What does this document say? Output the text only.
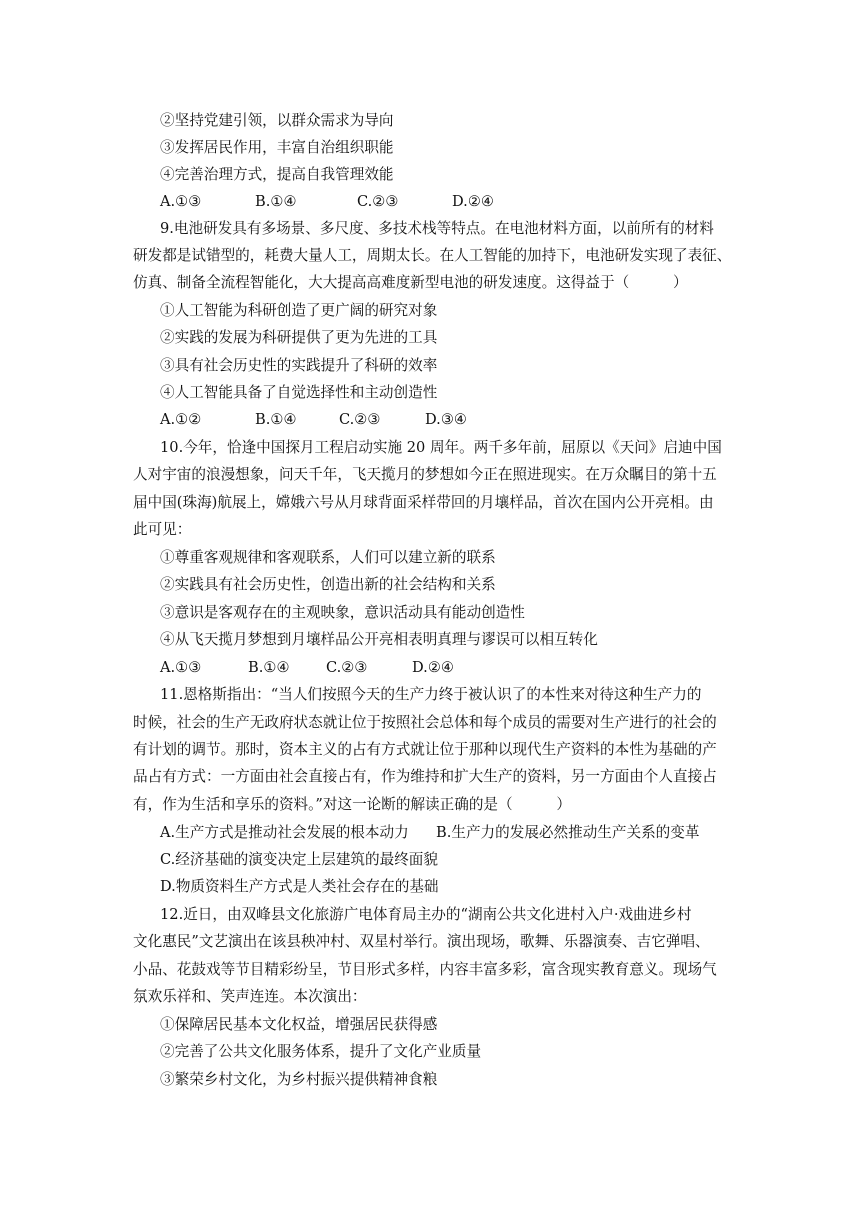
②坚持党建引领，以群众需求为导向
③发挥居民作用，丰富自治组织职能
④完善治理方式，提高自我管理效能
A.①③	B.①④	C.②③	D.②④
9.电池研发具有多场景、多尺度、多技术栈等特点。在电池材料方面，以前所有的材料
研发都是试错型的，耗费大量人工，周期太长。在人工智能的加持下，电池研发实现了表征、
仿真、制备全流程智能化，大大提高高难度新型电池的研发速度。这得益于（　　　）
①人工智能为科研创造了更广阔的研究对象
②实践的发展为科研提供了更为先进的工具
③具有社会历史性的实践提升了科研的效率
④人工智能具备了自觉选择性和主动创造性
A.①②	B.①④	C.②③	D.③④
10.今年，恰逢中国探月工程启动实施 20 周年。两千多年前，屈原以《天问》启迪中国
人对宇宙的浪漫想象，问天千年，飞天揽月的梦想如今正在照进现实。在万众瞩目的第十五
届中国(珠海)航展上，嫦娥六号从月球背面采样带回的月壤样品，首次在国内公开亮相。由
此可见：
①尊重客观规律和客观联系，人们可以建立新的联系
②实践具有社会历史性，创造出新的社会结构和关系
③意识是客观存在的主观映象，意识活动具有能动创造性
④从飞天揽月梦想到月壤样品公开亮相表明真理与谬误可以相互转化
A.①③	B.①④ C.②③	D.②④
11.恩格斯指出：“当人们按照今天的生产力终于被认识了的本性来对待这种生产力的
时候，社会的生产无政府状态就让位于按照社会总体和每个成员的需要对生产进行的社会的
有计划的调节。那时，资本主义的占有方式就让位于那种以现代生产资料的本性为基础的产
品占有方式：一方面由社会直接占有，作为维持和扩大生产的资料，另一方面由个人直接占
有，作为生活和享乐的资料。”对这一论断的解读正确的是（　　　）
A.生产方式是推动社会发展的根本动力 B.生产力的发展必然推动生产关系的变革
C.经济基础的演变决定上层建筑的最终面貌
D.物质资料生产方式是人类社会存在的基础
12.近日，由双峰县文化旅游广电体育局主办的“湖南公共文化进村入户·戏曲进乡村
文化惠民”文艺演出在该县秧冲村、双星村举行。演出现场，歌舞、乐器演奏、吉它弹唱、
小品、花鼓戏等节目精彩纷呈，节目形式多样，内容丰富多彩，富含现实教育意义。现场气
氛欢乐祥和、笑声连连。本次演出：
①保障居民基本文化权益，增强居民获得感
②完善了公共文化服务体系，提升了文化产业质量
③繁荣乡村文化，为乡村振兴提供精神食粮
